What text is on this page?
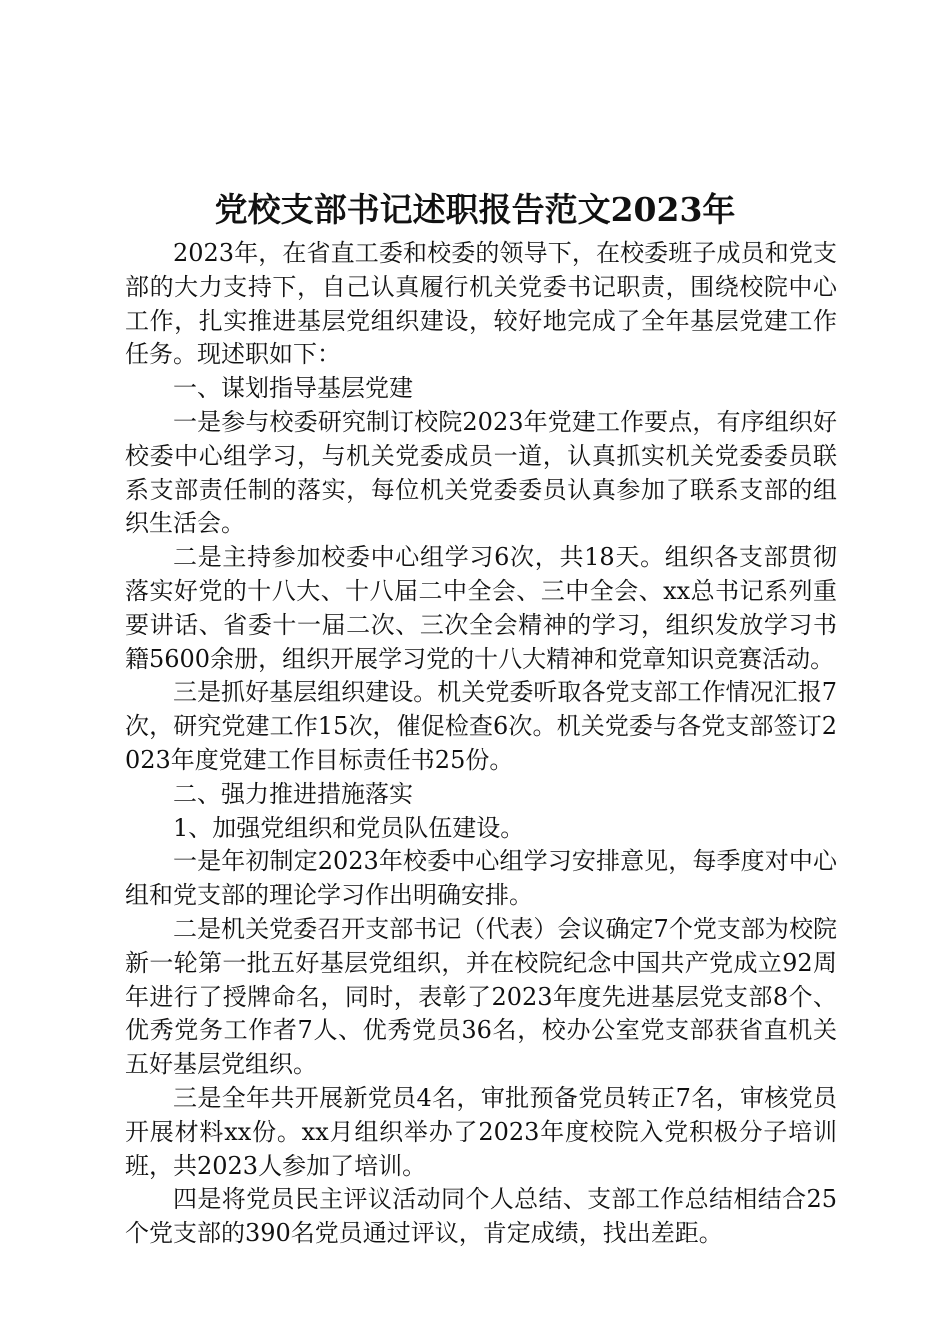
党校支部书记述职报告范文2023年

2023年，在省直工委和校委的领导下，在校委班子成员和党支部的大力支持下，自己认真履行机关党委书记职责，围绕校院中心工作，扎实推进基层党组织建设，较好地完成了全年基层党建工作任务。现述职如下：

一、谋划指导基层党建

一是参与校委研究制订校院2023年党建工作要点，有序组织好校委中心组学习，与机关党委成员一道，认真抓实机关党委委员联系支部责任制的落实，每位机关党委委员认真参加了联系支部的组织生活会。

二是主持参加校委中心组学习6次，共18天。组织各支部贯彻落实好党的十八大、十八届二中全会、三中全会、xx总书记系列重要讲话、省委十一届二次、三次全会精神的学习，组织发放学习书籍5600余册，组织开展学习党的十八大精神和党章知识竞赛活动。

三是抓好基层组织建设。机关党委听取各党支部工作情况汇报7次，研究党建工作15次，催促检查6次。机关党委与各党支部签订2023年度党建工作目标责任书25份。

二、强力推进措施落实

1、加强党组织和党员队伍建设。

一是年初制定2023年校委中心组学习安排意见，每季度对中心组和党支部的理论学习作出明确安排。

二是机关党委召开支部书记（代表）会议确定7个党支部为校院新一轮第一批五好基层党组织，并在校院纪念中国共产党成立92周年进行了授牌命名，同时，表彰了2023年度先进基层党支部8个、优秀党务工作者7人、优秀党员36名，校办公室党支部获省直机关五好基层党组织。

三是全年共开展新党员4名，审批预备党员转正7名，审核党员开展材料xx份。xx月组织举办了2023年度校院入党积极分子培训班，共2023人参加了培训。

四是将党员民主评议活动同个人总结、支部工作总结相结合25个党支部的390名党员通过评议，肯定成绩，找出差距。
